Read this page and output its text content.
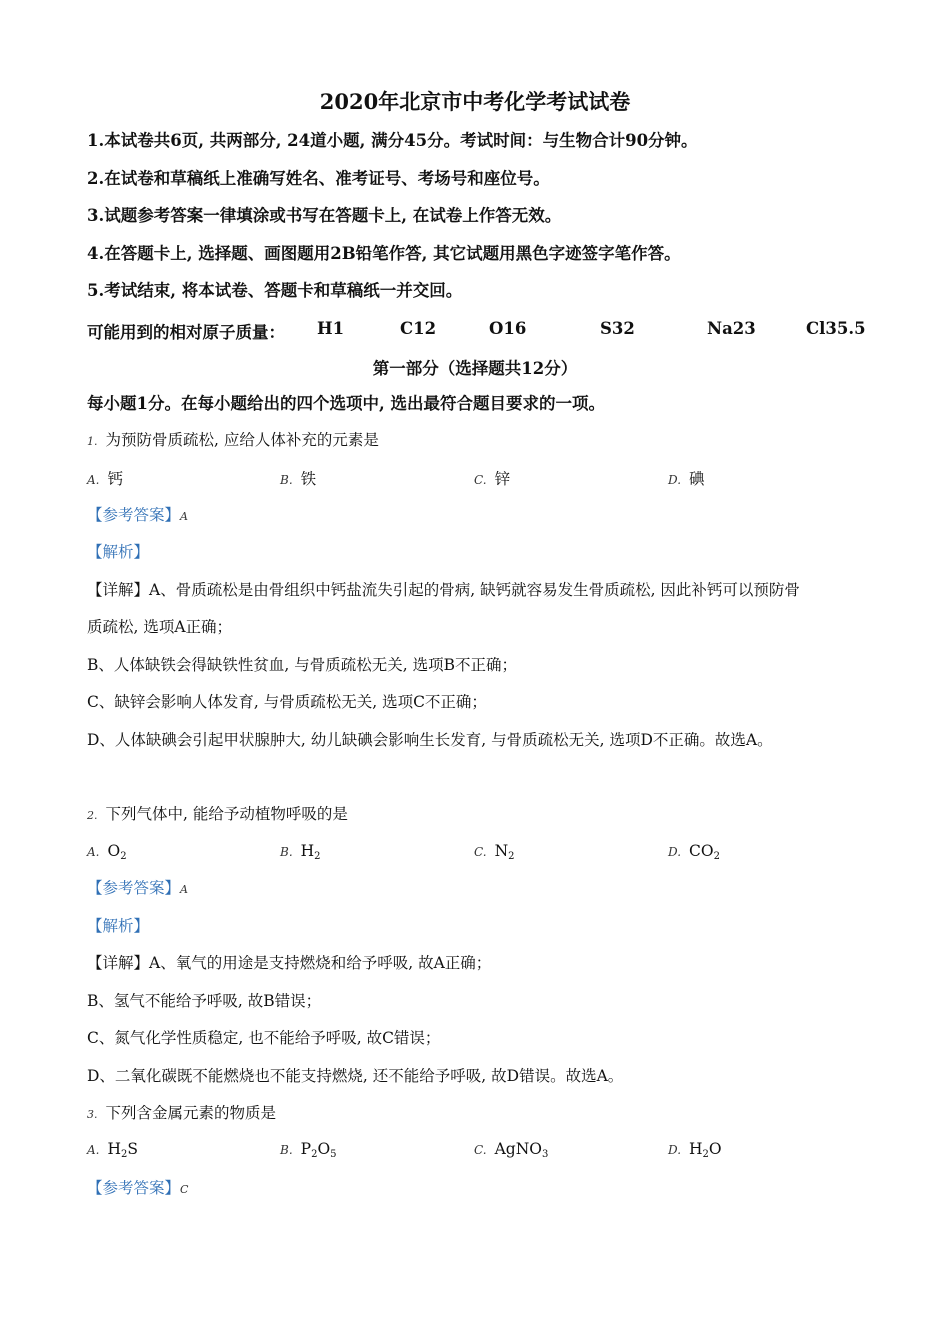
2020年北京市中考化学考试试卷
1.本试卷共6页, 共两部分, 24道小题, 满分45分。考试时间：与生物合计90分钟。
2.在试卷和草稿纸上准确写姓名、准考证号、考场号和座位号。
3.试题参考答案一律填涂或书写在答题卡上, 在试卷上作答无效。
4.在答题卡上, 选择题、画图题用2B铅笔作答, 其它试题用黑色字迹签字笔作答。
5.考试结束, 将本试卷、答题卡和草稿纸一并交回。
可能用到的相对原子质量： H1	C12	O16	S32	Na23	Cl35.5
第一部分（选择题共12分）
每小题1分。在每小题给出的四个选项中, 选出最符合题目要求的一项。
1. 为预防骨质疏松, 应给人体补充的元素是
A. 钙	B. 铁	C. 锌	D. 碘
【参考答案】A
【解析】
【详解】A、骨质疏松是由骨组织中钙盐流失引起的骨病, 缺钙就容易发生骨质疏松, 因此补钙可以预防骨
质疏松, 选项A正确；
B、人体缺铁会得缺铁性贫血, 与骨质疏松无关, 选项B不正确；
C、缺锌会影响人体发育, 与骨质疏松无关, 选项C不正确；
D、人体缺碘会引起甲状腺肿大, 幼儿缺碘会影响生长发育, 与骨质疏松无关, 选项D不正确。故选A。
2. 下列气体中, 能给予动植物呼吸的是
A. $O_2$	B. $H_2$	C. $N_2$	D. $CO_2$
【参考答案】A
【解析】
【详解】A、氧气的用途是支持燃烧和给予呼吸, 故A正确；
B、氢气不能给予呼吸, 故B错误；
C、氮气化学性质稳定, 也不能给予呼吸, 故C错误；
D、二氧化碳既不能燃烧也不能支持燃烧, 还不能给予呼吸, 故D错误。故选A。
3. 下列含金属元素的物质是
A. $H_2S$	B. $P_2O_5$	C. AgNO$_3$	D. $H_2O$
【参考答案】C
